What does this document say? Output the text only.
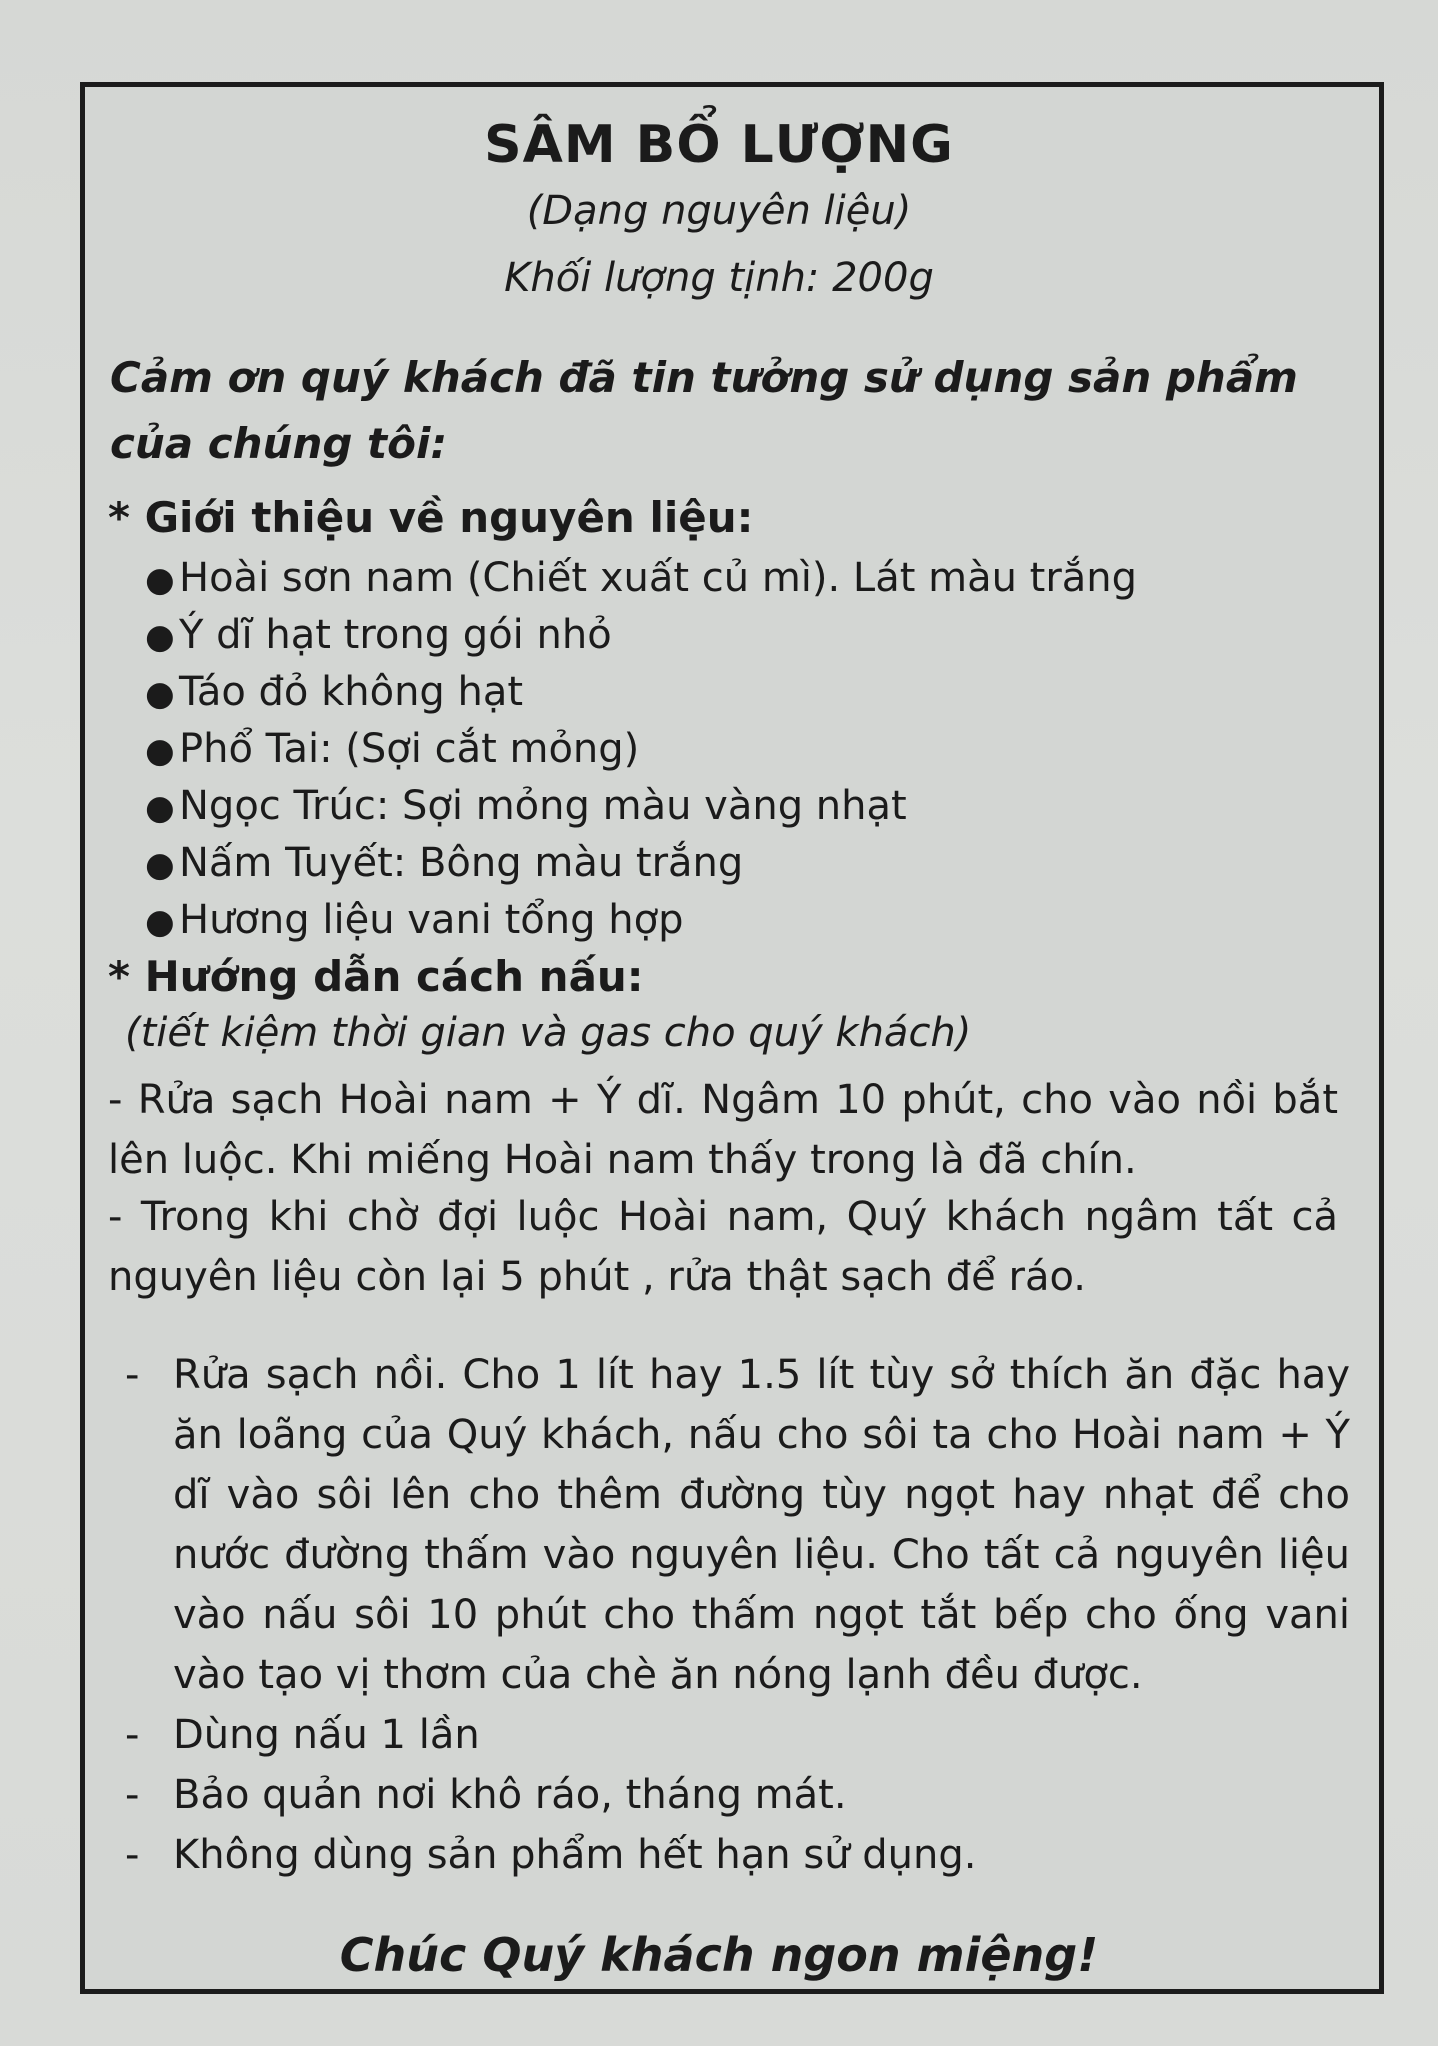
SÂM BỔ LƯỢNG
(Dạng nguyên liệu)
Khối lượng tịnh: 200g
Cảm ơn quý khách đã tin tưởng sử dụng sản phẩm của chúng tôi:
* Giới thiệu về nguyên liệu:
● Hoài sơn nam (Chiết xuất củ mì). Lát màu trắng
● Ý dĩ hạt trong gói nhỏ
● Táo đỏ không hạt
● Phổ Tai: (Sợi cắt mỏng)
● Ngọc Trúc: Sợi mỏng màu vàng nhạt
● Nấm Tuyết: Bông màu trắng
● Hương liệu vani tổng hợp
* Hướng dẫn cách nấu:
(tiết kiệm thời gian và gas cho quý khách)
- Rửa sạch Hoài nam + Ý dĩ. Ngâm 10 phút, cho vào nồi bắt lên luộc. Khi miếng Hoài nam thấy trong là đã chín.
- Trong khi chờ đợi luộc Hoài nam, Quý khách ngâm tất cả nguyên liệu còn lại 5 phút , rửa thật sạch để ráo.
- Rửa sạch nồi. Cho 1 lít hay 1.5 lít tùy sở thích ăn đặc hay ăn loãng của Quý khách, nấu cho sôi ta cho Hoài nam + Ý dĩ vào sôi lên cho thêm đường tùy ngọt hay nhạt để cho nước đường thấm vào nguyên liệu. Cho tất cả nguyên liệu vào nấu sôi 10 phút cho thấm ngọt tắt bếp cho ống vani vào tạo vị thơm của chè ăn nóng lạnh đều được.
- Dùng nấu 1 lần
- Bảo quản nơi khô ráo, tháng mát.
- Không dùng sản phẩm hết hạn sử dụng.
Chúc Quý khách ngon miệng!
